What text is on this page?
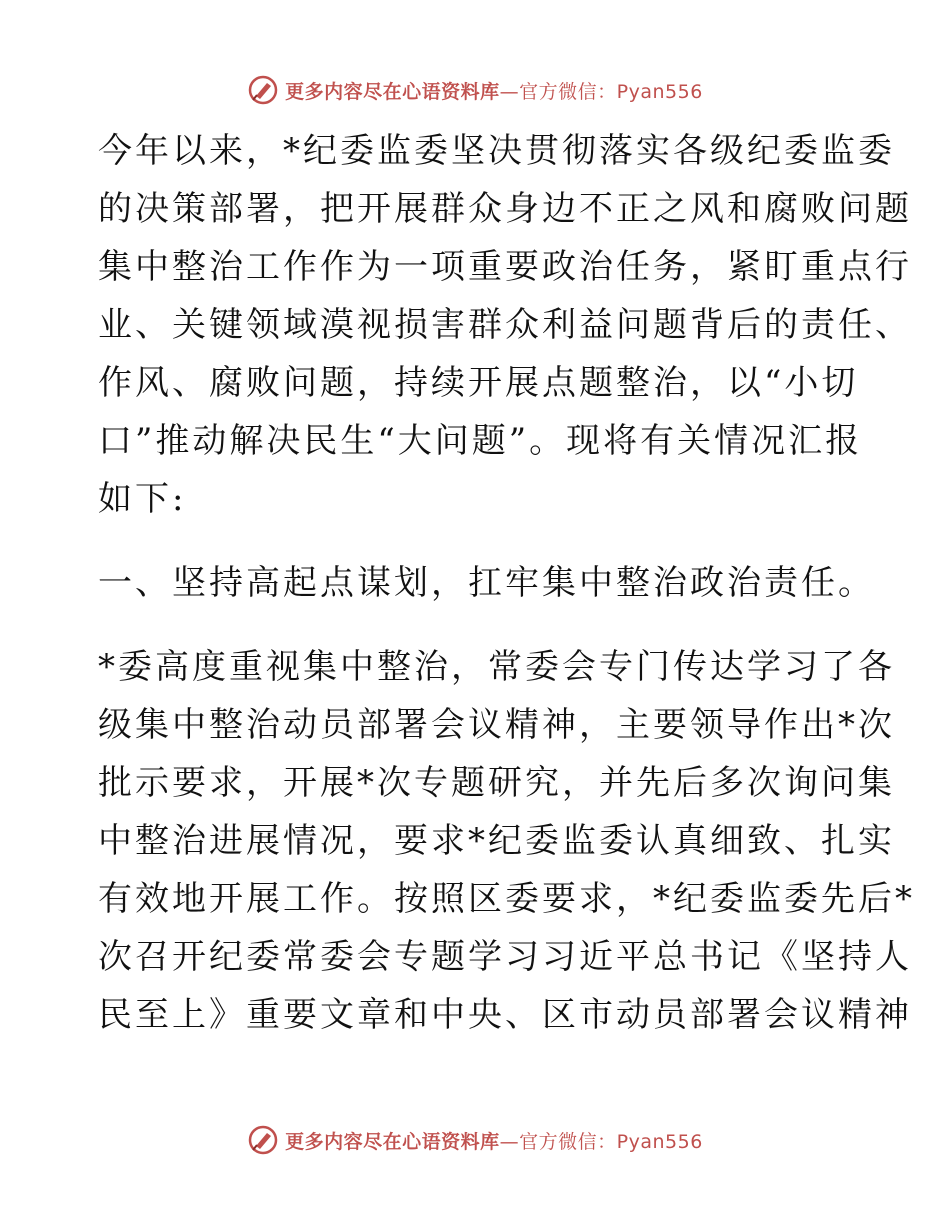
更多内容尽在心语资料库—官方微信：Pyan556
今年以来，*纪委监委坚决贯彻落实各级纪委监委
的决策部署，把开展群众身边不正之风和腐败问题
集中整治工作作为一项重要政治任务，紧盯重点行
业、关键领域漠视损害群众利益问题背后的责任、
作风、腐败问题，持续开展点题整治，以“小切
口”推动解决民生“大问题”。现将有关情况汇报
如下:
一、坚持高起点谋划，扛牢集中整治政治责任。
*委高度重视集中整治，常委会专门传达学习了各
级集中整治动员部署会议精神，主要领导作出*次
批示要求，开展*次专题研究，并先后多次询问集
中整治进展情况，要求*纪委监委认真细致、扎实
有效地开展工作。按照区委要求，*纪委监委先后*
次召开纪委常委会专题学习习近平总书记《坚持人
民至上》重要文章和中央、区市动员部署会议精神
更多内容尽在心语资料库—官方微信：Pyan556
